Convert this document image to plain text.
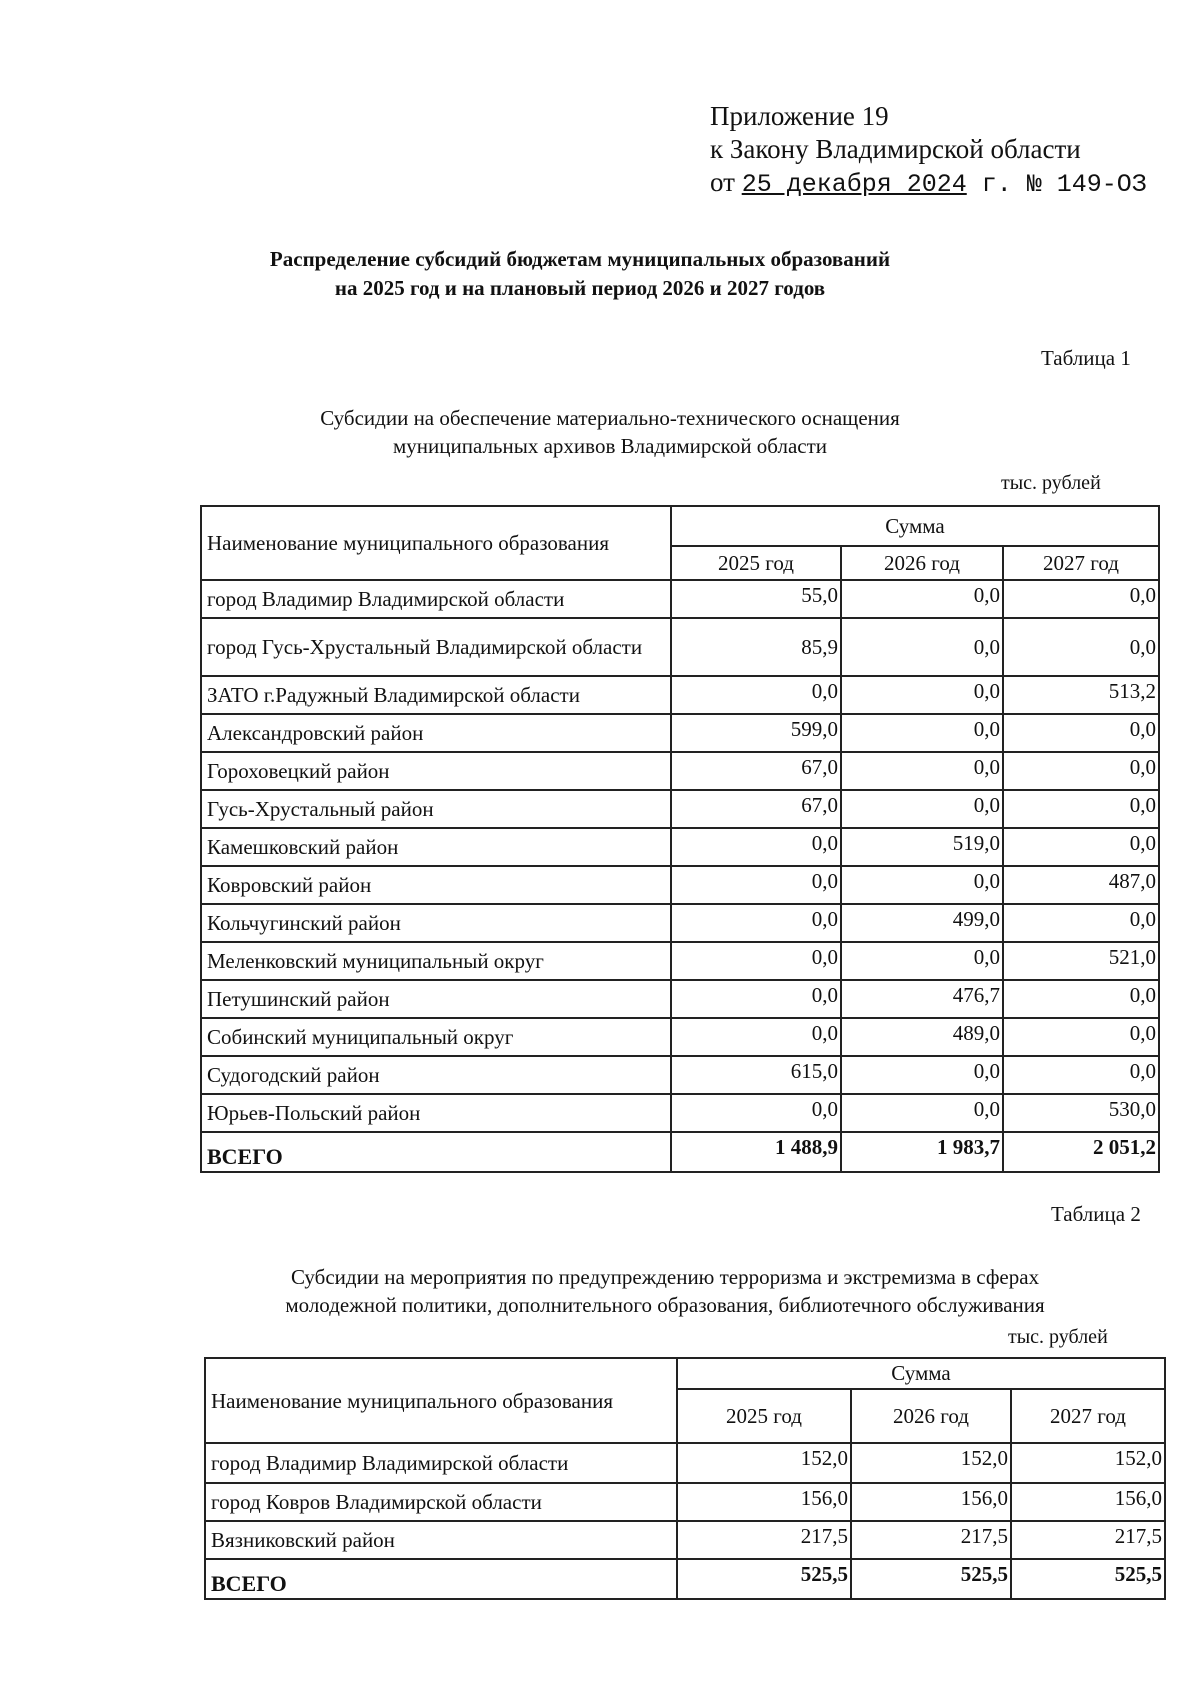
Приложение 19
к Закону Владимирской области
от 25 декабря 2024 г. № 149-ОЗ
Распределение субсидий бюджетам муниципальных образований
на 2025 год и на плановый период 2026 и 2027 годов
Таблица 1
Субсидии на обеспечение материально-технического оснащения
муниципальных архивов Владимирской области
тыс. рублей
Наименование муниципального образования	Сумма		
	2025 год	2026 год	2027 год
город Владимир Владимирской области	55,0	0,0	0,0
город Гусь-Хрустальный Владимирской области	85,9	0,0	0,0
ЗАТО г.Радужный Владимирской области	0,0	0,0	513,2
Александровский район	599,0	0,0	0,0
Гороховецкий район	67,0	0,0	0,0
Гусь-Хрустальный район	67,0	0,0	0,0
Камешковский район	0,0	519,0	0,0
Ковровский район	0,0	0,0	487,0
Кольчугинский район	0,0	499,0	0,0
Меленковский муниципальный округ	0,0	0,0	521,0
Петушинский район	0,0	476,7	0,0
Собинский муниципальный округ	0,0	489,0	0,0
Судогодский район	615,0	0,0	0,0
Юрьев-Польский район	0,0	0,0	530,0
ВСЕГО	1 488,9	1 983,7	2 051,2
Таблица 2
Субсидии на мероприятия по предупреждению терроризма и экстремизма в сферах
молодежной политики, дополнительного образования, библиотечного обслуживания
тыс. рублей
Наименование муниципального образования	Сумма		
	2025 год	2026 год	2027 год
город Владимир Владимирской области	152,0	152,0	152,0
город Ковров Владимирской области	156,0	156,0	156,0
Вязниковский район	217,5	217,5	217,5
ВСЕГО	525,5	525,5	525,5
